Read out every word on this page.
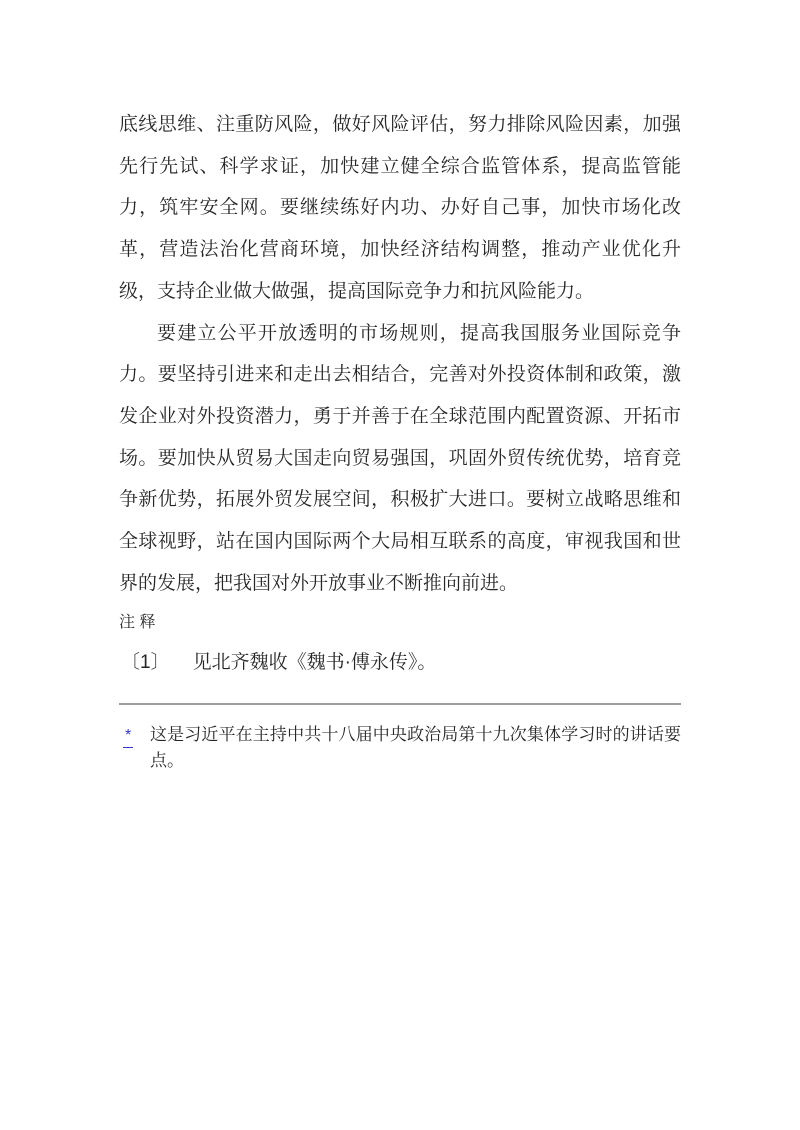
底线思维、注重防风险，做好风险评估，努力排除风险因素，加强
先行先试、科学求证，加快建立健全综合监管体系，提高监管能
力，筑牢安全网。要继续练好内功、办好自己事，加快市场化改
革，营造法治化营商环境，加快经济结构调整，推动产业优化升
级，支持企业做大做强，提高国际竞争力和抗风险能力。
要建立公平开放透明的市场规则，提高我国服务业国际竞争
力。要坚持引进来和走出去相结合，完善对外投资体制和政策，激
发企业对外投资潜力，勇于并善于在全球范围内配置资源、开拓市
场。要加快从贸易大国走向贸易强国，巩固外贸传统优势，培育竞
争新优势，拓展外贸发展空间，积极扩大进口。要树立战略思维和
全球视野，站在国内国际两个大局相互联系的高度，审视我国和世
界的发展，把我国对外开放事业不断推向前进。
注 释
〔1〕 见北齐魏收《魏书·傅永传》。
*	这是习近平在主持中共十八届中央政治局第十九次集体学习时的讲话要点。
